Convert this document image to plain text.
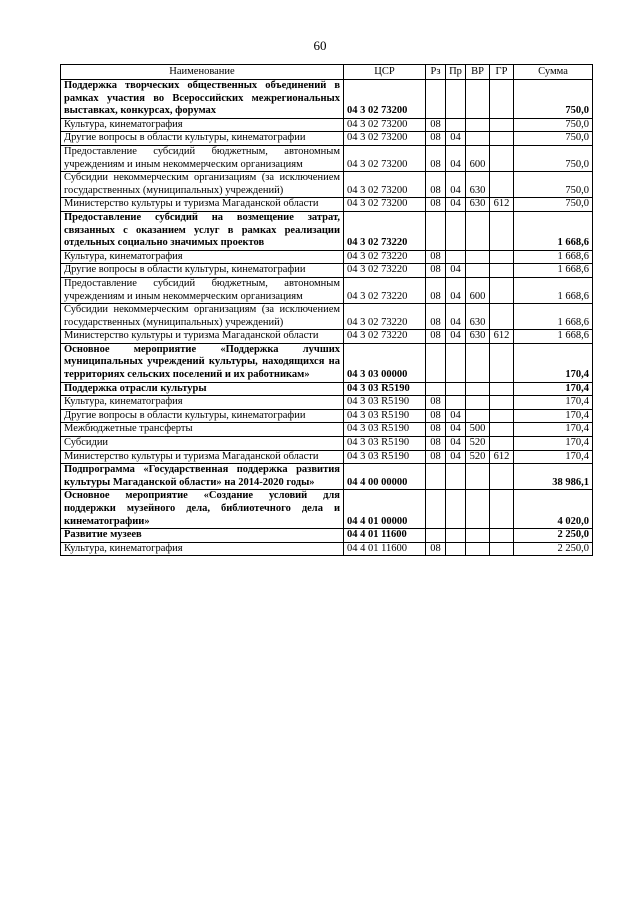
60
Наименование	ЦСР	Рз	Пр	ВР	ГР	Сумма
Поддержка творческих общественных объединений в рамках участия во Всероссийских межрегиональных выставках, конкурсах, форумах	04 3 02 73200					750,0
Культура, кинематография	04 3 02 73200	08				750,0
Другие вопросы в области культуры, кинематографии	04 3 02 73200	08	04			750,0
Предоставление субсидий бюджетным, автономным учреждениям и иным некоммерческим организациям	04 3 02 73200	08	04	600		750,0
Субсидии некоммерческим организациям (за исключением государственных (муниципальных) учреждений)	04 3 02 73200	08	04	630		750,0
Министерство культуры и туризма Магаданской области	04 3 02 73200	08	04	630	612	750,0
Предоставление субсидий на возмещение затрат, связанных с оказанием услуг в рамках реализации отдельных социально значимых проектов	04 3 02 73220					1 668,6
Культура, кинематография	04 3 02 73220	08				1 668,6
Другие вопросы в области культуры, кинематографии	04 3 02 73220	08	04			1 668,6
Предоставление субсидий бюджетным, автономным учреждениям и иным некоммерческим организациям	04 3 02 73220	08	04	600		1 668,6
Субсидии некоммерческим организациям (за исключением государственных (муниципальных) учреждений)	04 3 02 73220	08	04	630		1 668,6
Министерство культуры и туризма Магаданской области	04 3 02 73220	08	04	630	612	1 668,6
Основное мероприятие «Поддержка лучших муниципальных учреждений культуры, находящихся на территориях сельских поселений и их работникам»	04 3 03 00000					170,4
Поддержка отрасли культуры	04 3 03 R5190					170,4
Культура, кинематография	04 3 03 R5190	08				170,4
Другие вопросы в области культуры, кинематографии	04 3 03 R5190	08	04			170,4
Межбюджетные трансферты	04 3 03 R5190	08	04	500		170,4
Субсидии	04 3 03 R5190	08	04	520		170,4
Министерство культуры и туризма Магаданской области	04 3 03 R5190	08	04	520	612	170,4
Подпрограмма «Государственная поддержка развития культуры Магаданской области» на 2014-2020 годы»	04 4 00 00000					38 986,1
Основное мероприятие «Создание условий для поддержки музейного дела, библиотечного дела и кинематографии»	04 4 01 00000					4 020,0
Развитие музеев	04 4 01 11600					2 250,0
Культура, кинематография	04 4 01 11600	08				2 250,0
